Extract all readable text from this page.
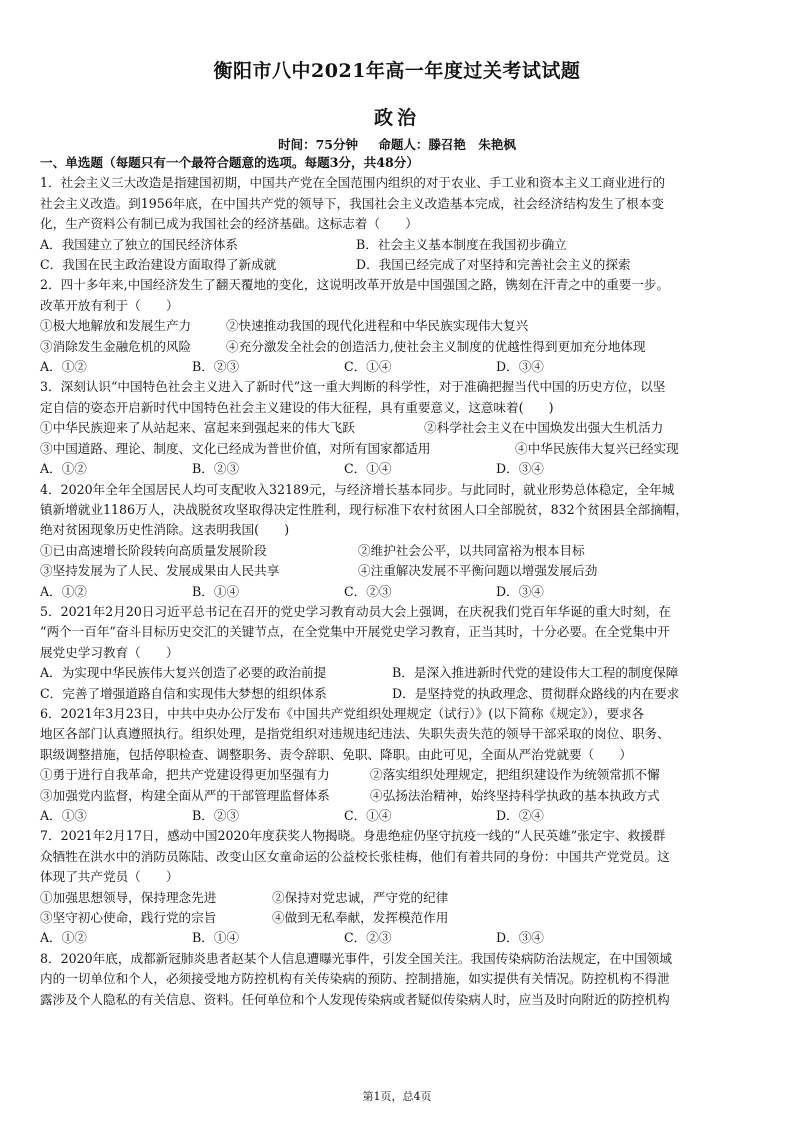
衡阳市八中2021年高一年度过关考试试题
政治
时间：75分钟 命题人：滕召艳　朱艳枫
一、单选题（每题只有一个最符合题意的选项。每题3分，共48分）
1．社会主义三大改造是指建国初期，中国共产党在全国范围内组织的对于农业、手工业和资本主义工商业进行的
社会主义改造。到1956年底，在中国共产党的领导下，我国社会主义改造基本完成，社会经济结构发生了根本变
化，生产资料公有制已成为我国社会的经济基础。这标志着（　　）
A．我国建立了独立的国民经济体系	B．社会主义基本制度在我国初步确立
C．我国在民主政治建设方面取得了新成就	D．我国已经完成了对坚持和完善社会主义的探索
2．四十多年来,中国经济发生了翻天覆地的变化，这说明改革开放是中国强国之路，镌刻在汗青之中的重要一步。
改革开放有利于（　　）
①极大地解放和发展生产力	②快速推动我国的现代化进程和中华民族实现伟大复兴
③消除发生金融危机的风险	④充分激发全社会的创造活力,使社会主义制度的优越性得到更加充分地体现
A．①②	B．②③	C．①④	D．③④
3．深刻认识“中国特色社会主义进入了新时代”这一重大判断的科学性，对于准确把握当代中国的历史方位，以坚
定自信的姿态开启新时代中国特色社会主义建设的伟大征程，具有重要意义，这意味着(　　)
①中华民族迎来了从站起来、富起来到强起来的伟大飞跃	②科学社会主义在中国焕发出强大生机活力
③中国道路、理论、制度、文化已经成为普世价值，对所有国家都适用	④中华民族伟大复兴已经实现
A．①②	B．②③	C．①④	D．③④
4．2020年全年全国居民人均可支配收入32189元，与经济增长基本同步。与此同时，就业形势总体稳定，全年城
镇新增就业1186万人，决战脱贫攻坚取得决定性胜利，现行标准下农村贫困人口全部脱贫，832个贫困县全部摘帽，
绝对贫困现象历史性消除。这表明我国(　　)
①已由高速增长阶段转向高质量发展阶段	②维护社会公平，以共同富裕为根本目标
③坚持发展为了人民、发展成果由人民共享	④注重解决发展不平衡问题以增强发展后劲
A．①②	B．①④	C．②③	D．③④
5．2021年2月20日习近平总书记在召开的党史学习教育动员大会上强调，在庆祝我们党百年华诞的重大时刻，在
“两个一百年”奋斗目标历史交汇的关键节点，在全党集中开展党史学习教育，正当其时，十分必要。在全党集中开
展党史学习教育（　　）
A．为实现中华民族伟大复兴创造了必要的政治前提	B．是深入推进新时代党的建设伟大工程的制度保障
C．完善了增强道路自信和实现伟大梦想的组织体系	D．是坚持党的执政理念、贯彻群众路线的内在要求
6．2021年3月23日，中共中央办公厅发布《中国共产党组织处理规定（试行）》(以下简称《规定》），要求各
地区各部门认真遵照执行。组织处理，是指党组织对违规违纪违法、失职失责失范的领导干部采取的岗位、职务、
职级调整措施，包括停职检查、调整职务、责令辞职、免职、降职。由此可见，全面从严治党就要（　　）
①勇于进行自我革命，把共产党建设得更加坚强有力	②落实组织处理规定，把组织建设作为统领常抓不懈
③加强党内监督，构建全面从严的干部管理监督体系	④弘扬法治精神，始终坚持科学执政的基本执政方式
A．①③	B．②③	C．①④	D．②④
7．2021年2月17日，感动中国2020年度获奖人物揭晓。身患绝症仍坚守抗疫一线的“人民英雄”张定宇、救援群
众牺牲在洪水中的消防员陈陆、改变山区女童命运的公益校长张桂梅，他们有着共同的身份：中国共产党党员。这
体现了共产党员（　　）
①加强思想领导，保持理念先进	②保持对党忠诚，严守党的纪律
③坚守初心使命，践行党的宗旨	④做到无私奉献，发挥模范作用
A．①②	B．①④	C．②③	D．③④
8．2020年底，成都新冠肺炎患者赵某个人信息遭曝光事件，引发全国关注。我国传染病防治法规定，在中国领域
内的一切单位和个人，必须接受地方防控机构有关传染病的预防、控制措施，如实提供有关情况。防控机构不得泄
露涉及个人隐私的有关信息、资料。任何单位和个人发现传染病或者疑似传染病人时，应当及时向附近的防控机构
第1页，总4页
